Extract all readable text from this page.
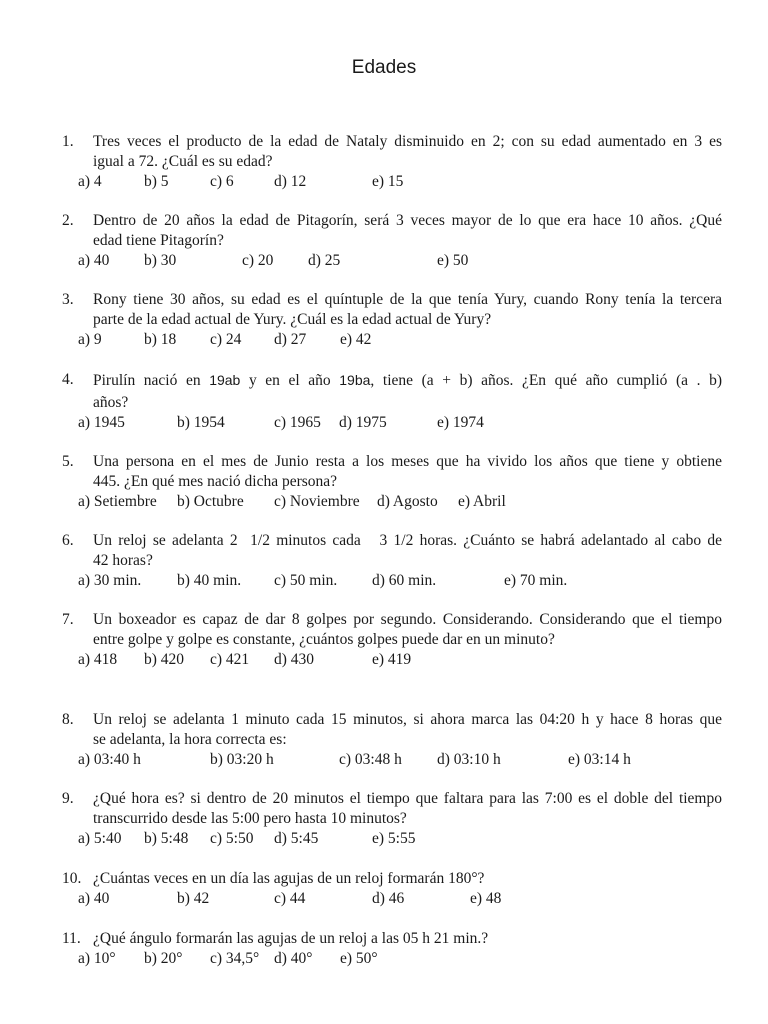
Edades
1. Tres veces el producto de la edad de Nataly disminuido en 2; con su edad aumentado en 3 es
igual a 72. ¿Cuál es su edad?
a) 4	b) 5	c) 6	d) 12	e) 15
2. Dentro de 20 años la edad de Pitagorín, será 3 veces mayor de lo que era hace 10 años. ¿Qué
edad tiene Pitagorín?
a) 40 b) 30	c) 20 d) 25	e) 50
3. Rony tiene 30 años, su edad es el quíntuple de la que tenía Yury, cuando Rony tenía la tercera
parte de la edad actual de Yury. ¿Cuál es la edad actual de Yury?
a) 9	b) 18 c) 24 d) 27 e) 42
4. Pirulín nació en 19ab y en el año 19ba, tiene (a + b) años. ¿En qué año cumplió (a . b)
años?
a) 1945	b) 1954	c) 1965 d) 1975	e) 1974
5. Una persona en el mes de Junio resta a los meses que ha vivido los años que tiene y obtiene
445. ¿En qué mes nació dicha persona?
a) Setiembre b) Octubre c) Noviembre d) Agosto e) Abril
6. Un reloj se adelanta 2  1/2 minutos cada   3 1/2 horas. ¿Cuánto se habrá adelantado al cabo de
42 horas?
a) 30 min. b) 40 min. c) 50 min. d) 60 min.	e) 70 min.
7. Un boxeador es capaz de dar 8 golpes por segundo. Considerando. Considerando que el tiempo
entre golpe y golpe es constante, ¿cuántos golpes puede dar en un minuto?
a) 418 b) 420 c) 421 d) 430	e) 419
8. Un reloj se adelanta 1 minuto cada 15 minutos, si ahora marca las 04:20 h y hace 8 horas que
se adelanta, la hora correcta es:
a) 03:40 h	b) 03:20 h	c) 03:48 h d) 03:10 h	e) 03:14 h
9. ¿Qué hora es? si dentro de 20 minutos el tiempo que faltara para las 7:00 es el doble del tiempo
transcurrido desde las 5:00 pero hasta 10 minutos?
a) 5:40 b) 5:48 c) 5:50 d) 5:45	e) 5:55
10. ¿Cuántas veces en un día las agujas de un reloj formarán 180°?
a) 40	b) 42	c) 44	d) 46	e) 48
11. ¿Qué ángulo formarán las agujas de un reloj a las 05 h 21 min.?
a) 10° b) 20° c) 34,5° d) 40° e) 50°
